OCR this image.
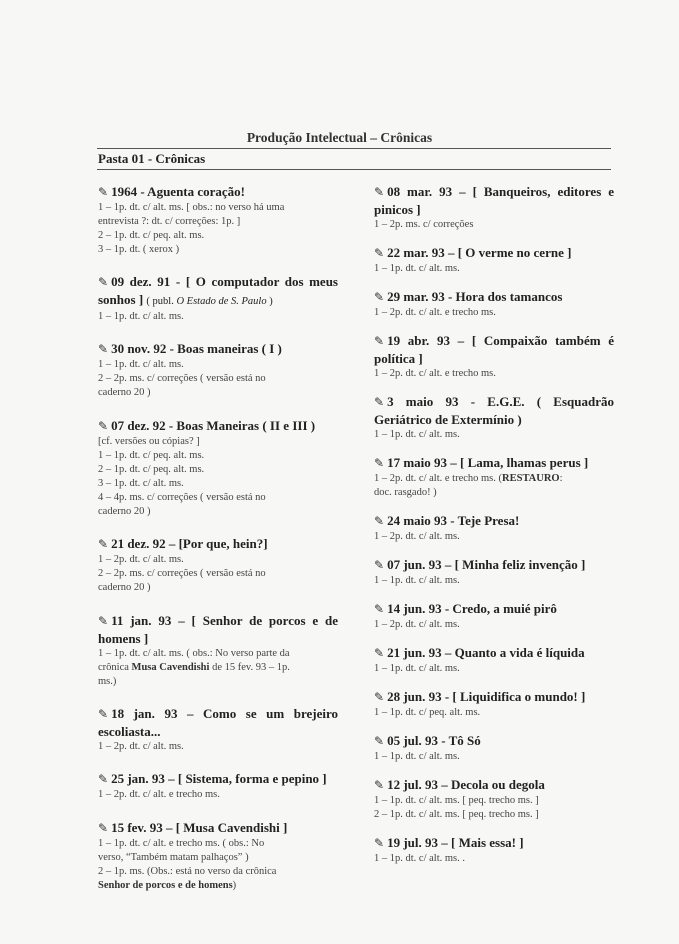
Produção Intelectual – Crônicas
Pasta 01 - Crônicas
✎ 1964 - Aguenta coração!
1 – 1p. dt. c/ alt. ms. [ obs.: no verso há uma
entrevista ?: dt. c/ correções: 1p. ]
2 – 1p. dt. c/ peq. alt. ms.
3 – 1p. dt. ( xerox )
✎ 09 dez. 91 - [ O computador dos meus sonhos ] ( publ. O Estado de S. Paulo )
1 – 1p. dt. c/ alt. ms.
✎ 30 nov. 92 - Boas maneiras ( I )
1 – 1p. dt. c/ alt. ms.
2 – 2p. ms. c/ correções ( versão está no
caderno 20 )
✎ 07 dez. 92 - Boas Maneiras ( II e III )
[cf. versões ou cópias? ]
1 – 1p. dt. c/ peq. alt. ms.
2 – 1p. dt. c/ peq. alt. ms.
3 – 1p. dt. c/ alt. ms.
4 – 4p. ms. c/ correções ( versão está no
caderno 20 )
✎ 21 dez. 92 – [Por que, hein?]
1 – 2p. dt. c/ alt. ms.
2 – 2p. ms. c/ correções ( versão está no
caderno 20 )
✎ 11 jan. 93 – [ Senhor de porcos e de homens ]
1 – 1p. dt. c/ alt. ms. ( obs.: No verso parte da
crônica Musa Cavendishi de 15 fev. 93 – 1p.
ms.)
✎ 18 jan. 93 – Como se um brejeiro escoliasta...
1 – 2p. dt. c/ alt. ms.
✎ 25 jan. 93 – [ Sistema, forma e pepino ]
1 – 2p. dt. c/ alt. e trecho ms.
✎ 15 fev. 93 – [ Musa Cavendishi ]
1 – 1p. dt. c/ alt. e trecho ms. ( obs.: No
verso, “Também matam palhaços” )
2 – 1p. ms. (Obs.: está no verso da crônica
Senhor de porcos e de homens)
✎ 08 mar. 93 – [ Banqueiros, editores e pinicos ]
1 – 2p. ms. c/ correções
✎ 22 mar. 93 – [ O verme no cerne ]
1 – 1p. dt. c/ alt. ms.
✎ 29 mar. 93 - Hora dos tamancos
1 – 2p. dt. c/ alt. e trecho ms.
✎ 19 abr. 93 – [ Compaixão também é política ]
1 – 2p. dt. c/ alt. e trecho ms.
✎ 3 maio 93 - E.G.E. ( Esquadrão Geriátrico de Extermínio )
1 – 1p. dt. c/ alt. ms.
✎ 17 maio 93 – [ Lama, lhamas perus ]
1 – 2p. dt. c/ alt. e trecho ms. (RESTAURO:
doc. rasgado! )
✎ 24 maio 93 - Teje Presa!
1 – 2p. dt. c/ alt. ms.
✎ 07 jun. 93 – [ Minha feliz invenção ]
1 – 1p. dt. c/ alt. ms.
✎ 14 jun. 93 - Credo, a muié pirô
1 – 2p. dt. c/ alt. ms.
✎ 21 jun. 93 – Quanto a vida é líquida
1 – 1p. dt. c/ alt. ms.
✎ 28 jun. 93 - [ Liquidifica o mundo! ]
1 – 1p. dt. c/ peq. alt. ms.
✎ 05 jul. 93 - Tô Só
1 – 1p. dt. c/ alt. ms.
✎ 12 jul. 93 – Decola ou degola
1 – 1p. dt. c/ alt. ms. [ peq. trecho ms. ]
2 – 1p. dt. c/ alt. ms. [ peq. trecho ms. ]
✎ 19 jul. 93 – [ Mais essa! ]
1 – 1p. dt. c/ alt. ms. .
